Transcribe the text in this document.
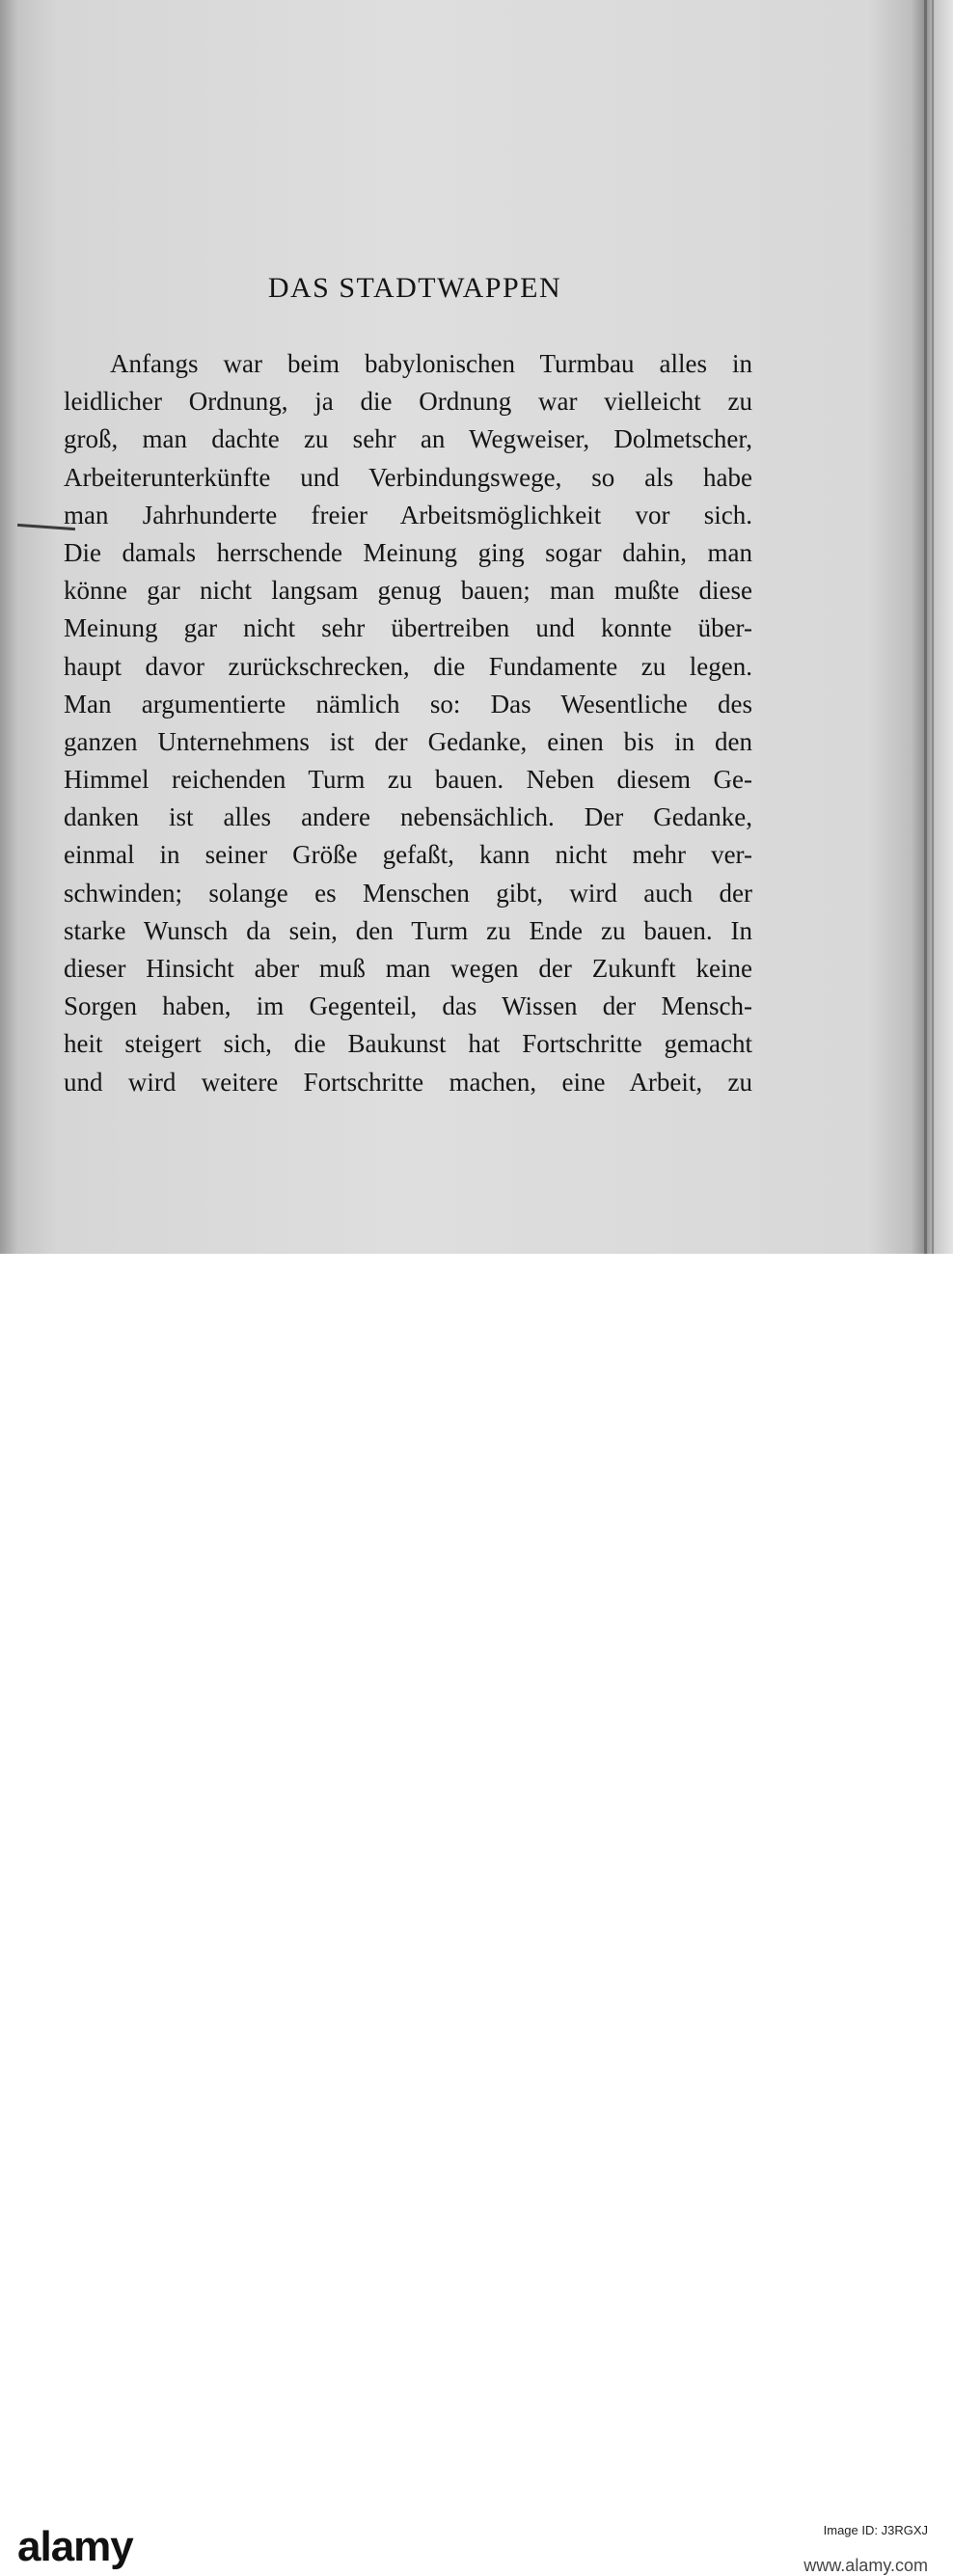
DAS STADTWAPPEN
Anfangs war beim babylonischen Turmbau alles in
leidlicher Ordnung, ja die Ordnung war vielleicht zu
groß, man dachte zu sehr an Wegweiser, Dolmetscher,
Arbeiterunterkünfte und Verbindungswege, so als habe
man Jahrhunderte freier Arbeitsmöglichkeit vor sich.
Die damals herrschende Meinung ging sogar dahin, man
könne gar nicht langsam genug bauen; man mußte diese
Meinung gar nicht sehr übertreiben und konnte über-
haupt davor zurückschrecken, die Fundamente zu legen.
Man argumentierte nämlich so: Das Wesentliche des
ganzen Unternehmens ist der Gedanke, einen bis in den
Himmel reichenden Turm zu bauen. Neben diesem Ge-
danken ist alles andere nebensächlich. Der Gedanke,
einmal in seiner Größe gefaßt, kann nicht mehr ver-
schwinden; solange es Menschen gibt, wird auch der
starke Wunsch da sein, den Turm zu Ende zu bauen. In
dieser Hinsicht aber muß man wegen der Zukunft keine
Sorgen haben, im Gegenteil, das Wissen der Mensch-
heit steigert sich, die Baukunst hat Fortschritte gemacht
und wird weitere Fortschritte machen, eine Arbeit, zu
alamy	Image ID: J3RGXJ
www.alamy.com
